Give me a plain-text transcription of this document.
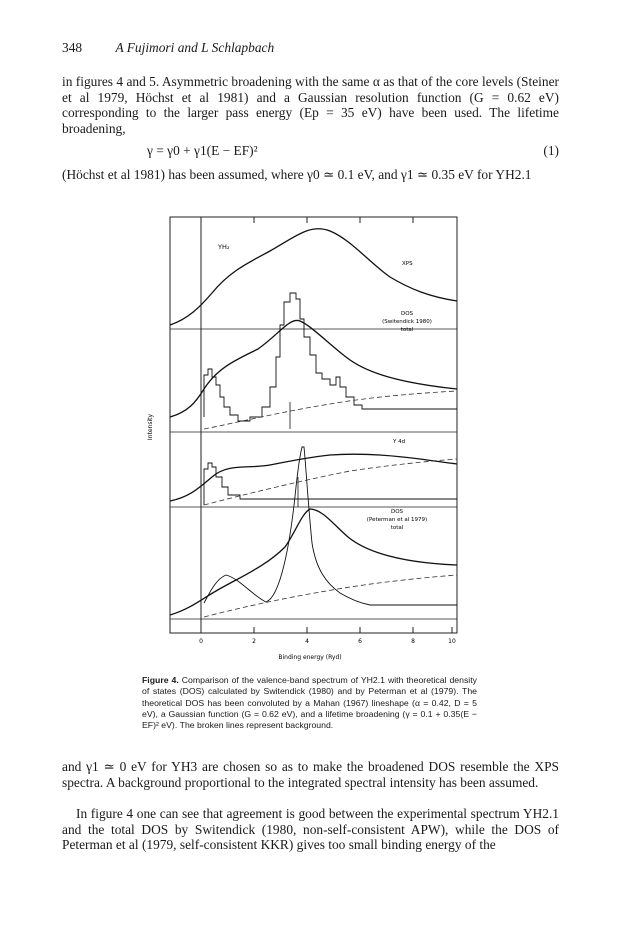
348 A Fujimori and L Schlapbach
in figures 4 and 5. Asymmetric broadening with the same α as that of the core levels (Steiner et al 1979, Höchst et al 1981) and a Gaussian resolution function (G = 0.62 eV) corresponding to the larger pass energy (Ep = 35 eV) have been used. The lifetime broadening,
γ = γ0 + γ1(E − EF)²	(1)
(Höchst et al 1981) has been assumed, where γ0 ≃ 0.1 eV, and γ1 ≃ 0.35 eV for YH2.1
YH₂
XPS
DOS
(Switendick 1980)
total
Y 4d
DOS
(Peterman et al 1979)
total
Intensity
0	2	4	6	8	10
Binding energy (Ryd)
Figure 4. Comparison of the valence-band spectrum of YH2.1 with theoretical density of states (DOS) calculated by Switendick (1980) and by Peterman et al (1979). The theoretical DOS has been convoluted by a Mahan (1967) lineshape (α = 0.42, D = 5 eV), a Gaussian function (G = 0.62 eV), and a lifetime broadening (γ = 0.1 + 0.35(E − EF)² eV). The broken lines represent background.
and γ1 ≃ 0 eV for YH3 are chosen so as to make the broadened DOS resemble the XPS spectra. A background proportional to the integrated spectral intensity has been assumed.
In figure 4 one can see that agreement is good between the experimental spectrum YH2.1 and the total DOS by Switendick (1980, non-self-consistent APW), while the DOS of Peterman et al (1979, self-consistent KKR) gives too small binding energy of the
